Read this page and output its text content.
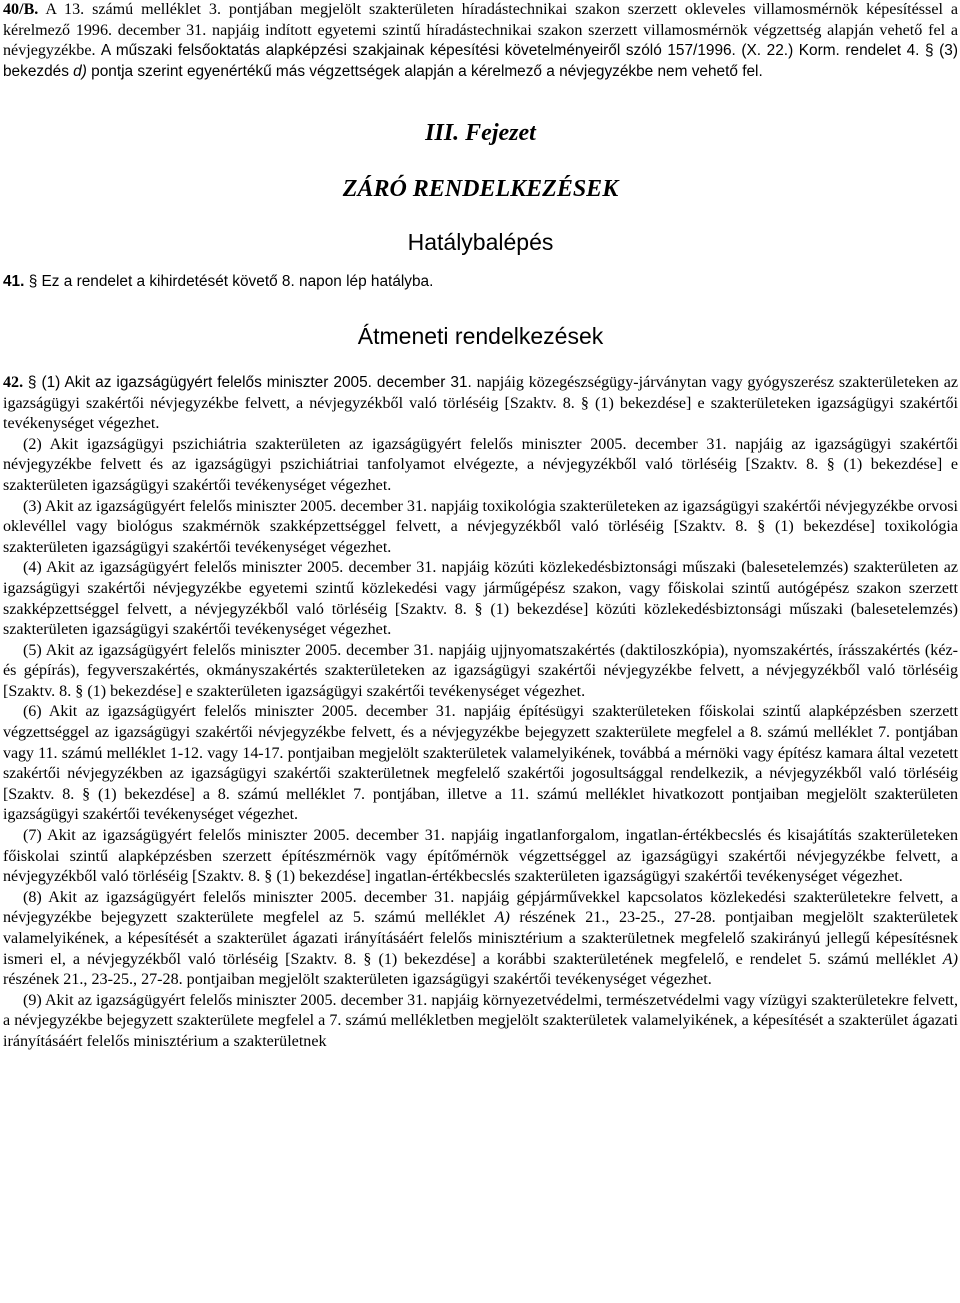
40/B. A 13. számú melléklet 3. pontjában megjelölt szakterületen híradástechnikai szakon szerzett okleveles villamosmérnök képesítéssel a kérelmező 1996. december 31. napjáig indított egyetemi szintű híradástechnikai szakon szerzett villamosmérnök végzettség alapján vehető fel a névjegyzékbe. A műszaki felsőoktatás alapképzési szakjainak képesítési követelményeiről szóló 157/1996. (X. 22.) Korm. rendelet 4. § (3) bekezdés d) pontja szerint egyenértékű más végzettségek alapján a kérelmező a névjegyzékbe nem vehető fel.

III. Fejezet
ZÁRÓ RENDELKEZÉSEK
Hatálybalépés

41. § Ez a rendelet a kihirdetését követő 8. napon lép hatályba.

Átmeneti rendelkezések

42. § (1) Akit az igazságügyért felelős miniszter 2005. december 31. napjáig közegészségügy-járványtan vagy gyógyszerész szakterületeken az igazságügyi szakértői névjegyzékbe felvett, a névjegyzékből való törléséig [Szaktv. 8. § (1) bekezdése] e szakterületeken igazságügyi szakértői tevékenységet végezhet.

(2) Akit igazságügyi pszichiátria szakterületen az igazságügyért felelős miniszter 2005. december 31. napjáig az igazságügyi szakértői névjegyzékbe felvett és az igazságügyi pszichiátriai tanfolyamot elvégezte, a névjegyzékből való törléséig [Szaktv. 8. § (1) bekezdése] e szakterületen igazságügyi szakértői tevékenységet végezhet.

(3) Akit az igazságügyért felelős miniszter 2005. december 31. napjáig toxikológia szakterületeken az igazságügyi szakértői névjegyzékbe orvosi oklevéllel vagy biológus szakmérnök szakképzettséggel felvett, a névjegyzékből való törléséig [Szaktv. 8. § (1) bekezdése] toxikológia szakterületen igazságügyi szakértői tevékenységet végezhet.

(4) Akit az igazságügyért felelős miniszter 2005. december 31. napjáig közúti közlekedésbiztonsági műszaki (balesetelemzés) szakterületen az igazságügyi szakértői névjegyzékbe egyetemi szintű közlekedési vagy járműgépész szakon, vagy főiskolai szintű autógépész szakon szerzett szakképzettséggel felvett, a névjegyzékből való törléséig [Szaktv. 8. § (1) bekezdése] közúti közlekedésbiztonsági műszaki (balesetelemzés) szakterületen igazságügyi szakértői tevékenységet végezhet.

(5) Akit az igazságügyért felelős miniszter 2005. december 31. napjáig ujjnyomatszakértés (daktiloszkópia), nyomszakértés, írásszakértés (kéz- és gépírás), fegyverszakértés, okmányszakértés szakterületeken az igazságügyi szakértői névjegyzékbe felvett, a névjegyzékből való törléséig [Szaktv. 8. § (1) bekezdése] e szakterületen igazságügyi szakértői tevékenységet végezhet.

(6) Akit az igazságügyért felelős miniszter 2005. december 31. napjáig építésügyi szakterületeken főiskolai szintű alapképzésben szerzett végzettséggel az igazságügyi szakértői névjegyzékbe felvett, és a névjegyzékbe bejegyzett szakterülete megfelel a 8. számú melléklet 7. pontjában vagy 11. számú melléklet 1-12. vagy 14-17. pontjaiban megjelölt szakterületek valamelyikének, továbbá a mérnöki vagy építész kamara által vezetett szakértői névjegyzékben az igazságügyi szakértői szakterületnek megfelelő szakértői jogosultsággal rendelkezik, a névjegyzékből való törléséig [Szaktv. 8. § (1) bekezdése] a 8. számú melléklet 7. pontjában, illetve a 11. számú melléklet hivatkozott pontjaiban megjelölt szakterületen igazságügyi szakértői tevékenységet végezhet.

(7) Akit az igazságügyért felelős miniszter 2005. december 31. napjáig ingatlanforgalom, ingatlan-értékbecslés és kisajátítás szakterületeken főiskolai szintű alapképzésben szerzett építészmérnök vagy építőmérnök végzettséggel az igazságügyi szakértői névjegyzékbe felvett, a névjegyzékből való törléséig [Szaktv. 8. § (1) bekezdése] ingatlan-értékbecslés szakterületen igazságügyi szakértői tevékenységet végezhet.

(8) Akit az igazságügyért felelős miniszter 2005. december 31. napjáig gépjárművekkel kapcsolatos közlekedési szakterületekre felvett, a névjegyzékbe bejegyzett szakterülete megfelel az 5. számú melléklet A) részének 21., 23-25., 27-28. pontjaiban megjelölt szakterületek valamelyikének, a képesítését a szakterület ágazati irányításáért felelős minisztérium a szakterületnek megfelelő szakirányú jellegű képesítésnek ismeri el, a névjegyzékből való törléséig [Szaktv. 8. § (1) bekezdése] a korábbi szakterületének megfelelő, e rendelet 5. számú melléklet A) részének 21., 23-25., 27-28. pontjaiban megjelölt szakterületen igazságügyi szakértői tevékenységet végezhet.

(9) Akit az igazságügyért felelős miniszter 2005. december 31. napjáig környezetvédelmi, természetvédelmi vagy vízügyi szakterületekre felvett, a névjegyzékbe bejegyzett szakterülete megfelel a 7. számú mellékletben megjelölt szakterületek valamelyikének, a képesítését a szakterület ágazati irányításáért felelős minisztérium a szakterületnek
